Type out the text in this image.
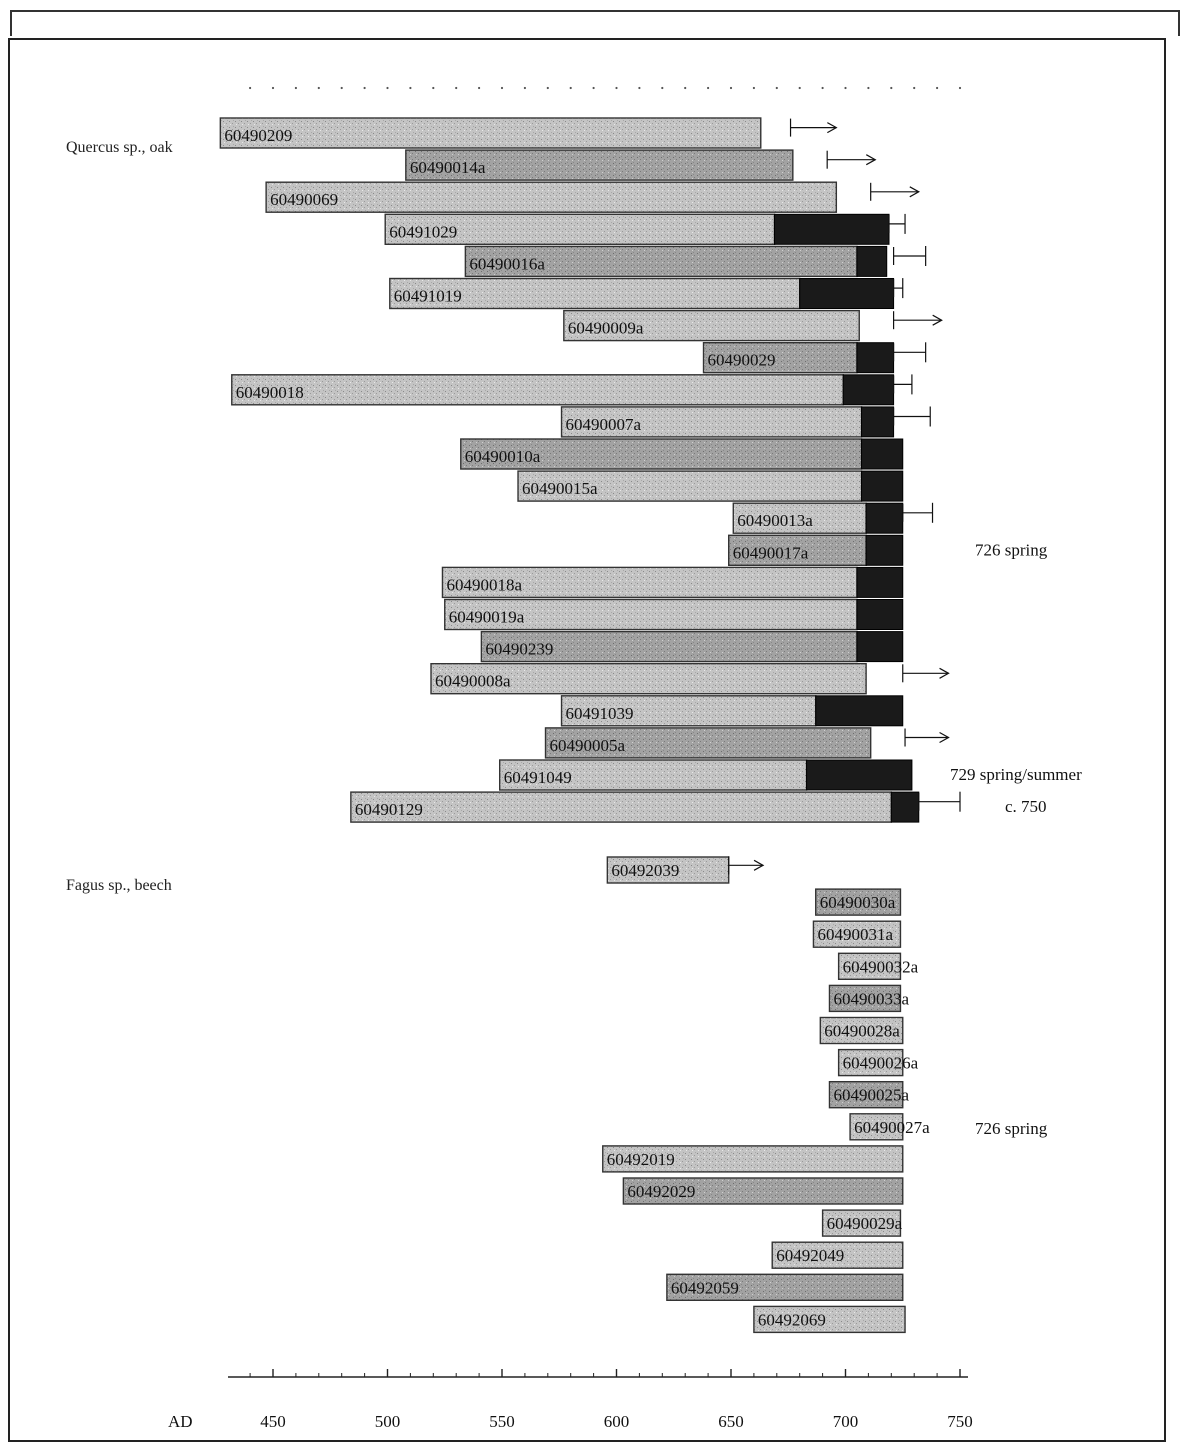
Quercus sp., oak
Fagus sp., beech
60490209
60490014a
60490069
60491029
60490016a
60491019
60490009a
60490029
60490018
60490007a
60490010a
60490015a
60490013a
60490017a
60490018a
60490019a
60490239
60490008a
60491039
60490005a
60491049
60490129
60492039
60490030a
60490031a
60490032a
60490033a
60490028a
60490026a
60490025a
60490027a
60492019
60492029
60490029a
60492049
60492059
60492069
726 spring
729 spring/summer
c. 750
726 spring
450	500	550	600	650	700	750
AD
